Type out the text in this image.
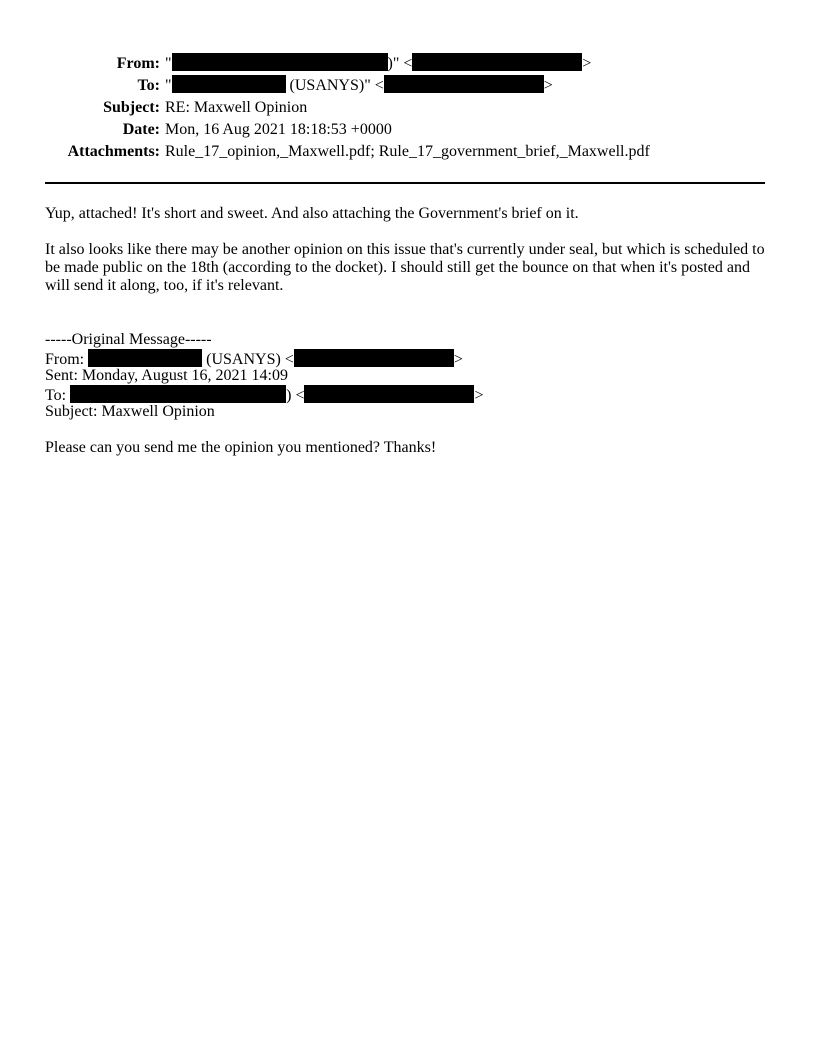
From: "	)" <	>
To: "	(USANYS)" <	>
Subject: RE: Maxwell Opinion
Date: Mon, 16 Aug 2021 18:18:53 +0000
Attachments: Rule_17_opinion,_Maxwell.pdf; Rule_17_government_brief,_Maxwell.pdf
Yup, attached! It's short and sweet. And also attaching the Government's brief on it.
It also looks like there may be another opinion on this issue that's currently under seal, but which is scheduled to be made public on the 18th (according to the docket). I should still get the bounce on that when it's posted and will send it along, too, if it's relevant.
-----Original Message-----
From:	(USANYS) <	>
Sent: Monday, August 16, 2021 14:09
To:	) <	>
Subject: Maxwell Opinion
Please can you send me the opinion you mentioned? Thanks!
